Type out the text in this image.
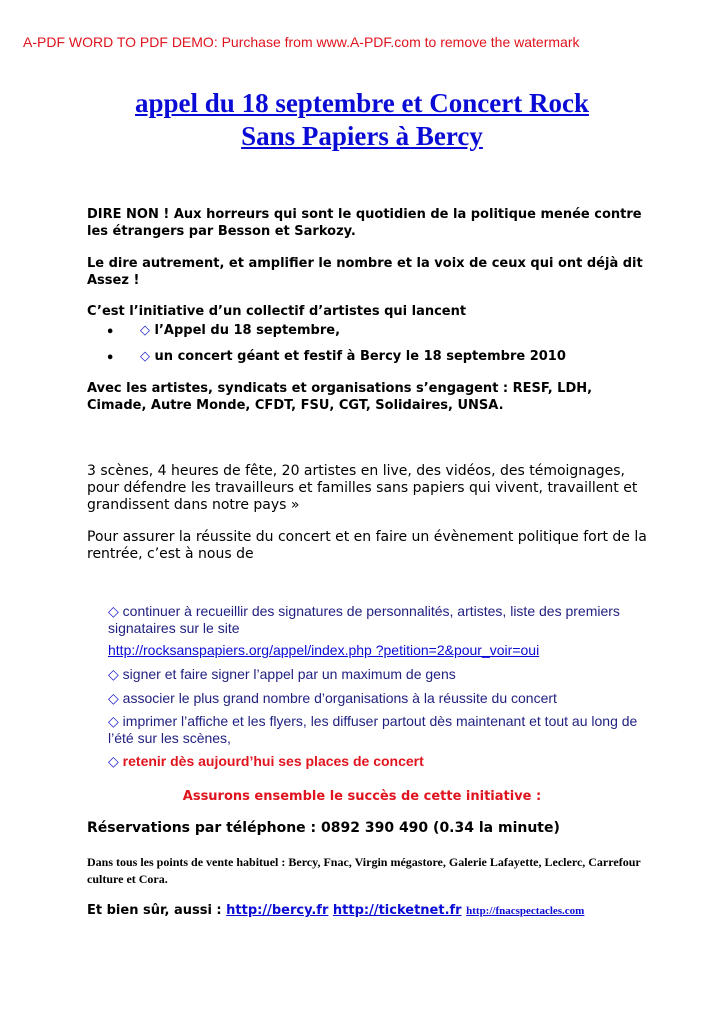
A-PDF WORD TO PDF DEMO: Purchase from www.A-PDF.com to remove the watermark
appel du 18 septembre et Concert Rock
Sans Papiers à Bercy
DIRE NON ! Aux horreurs qui sont le quotidien de la politique menée contre les étrangers par Besson et Sarkozy.
Le dire autrement, et amplifier le nombre et la voix de ceux qui ont déjà dit Assez !
C’est l’initiative d’un collectif d’artistes qui lancent
• ◇ l’Appel du 18 septembre,
• ◇ un concert géant et festif à Bercy le 18 septembre 2010
Avec les artistes, syndicats et organisations s’engagent : RESF, LDH, Cimade, Autre Monde, CFDT, FSU, CGT, Solidaires, UNSA.
3 scènes, 4 heures de fête, 20 artistes en live, des vidéos, des témoignages, pour défendre les travailleurs et familles sans papiers qui vivent, travaillent et grandissent dans notre pays »
Pour assurer la réussite du concert et en faire un évènement politique fort de la rentrée, c’est à nous de
◇ continuer à recueillir des signatures de personnalités, artistes, liste des premiers signataires sur le site
http://rocksanspapiers.org/appel/index.php ?petition=2&pour_voir=oui
◇ signer et faire signer l’appel par un maximum de gens
◇ associer le plus grand nombre d’organisations à la réussite du concert
◇ imprimer l’affiche et les flyers, les diffuser partout dès maintenant et tout au long de l’été sur les scènes,
◇ retenir dès aujourd’hui ses places de concert
Assurons ensemble le succès de cette initiative :
Réservations par téléphone : 0892 390 490 (0.34 la minute)
Dans tous les points de vente habituel : Bercy, Fnac, Virgin mégastore, Galerie Lafayette, Leclerc, Carrefour culture et Cora.
Et bien sûr, aussi : http://bercy.fr http://ticketnet.fr http://fnacspectacles.com
